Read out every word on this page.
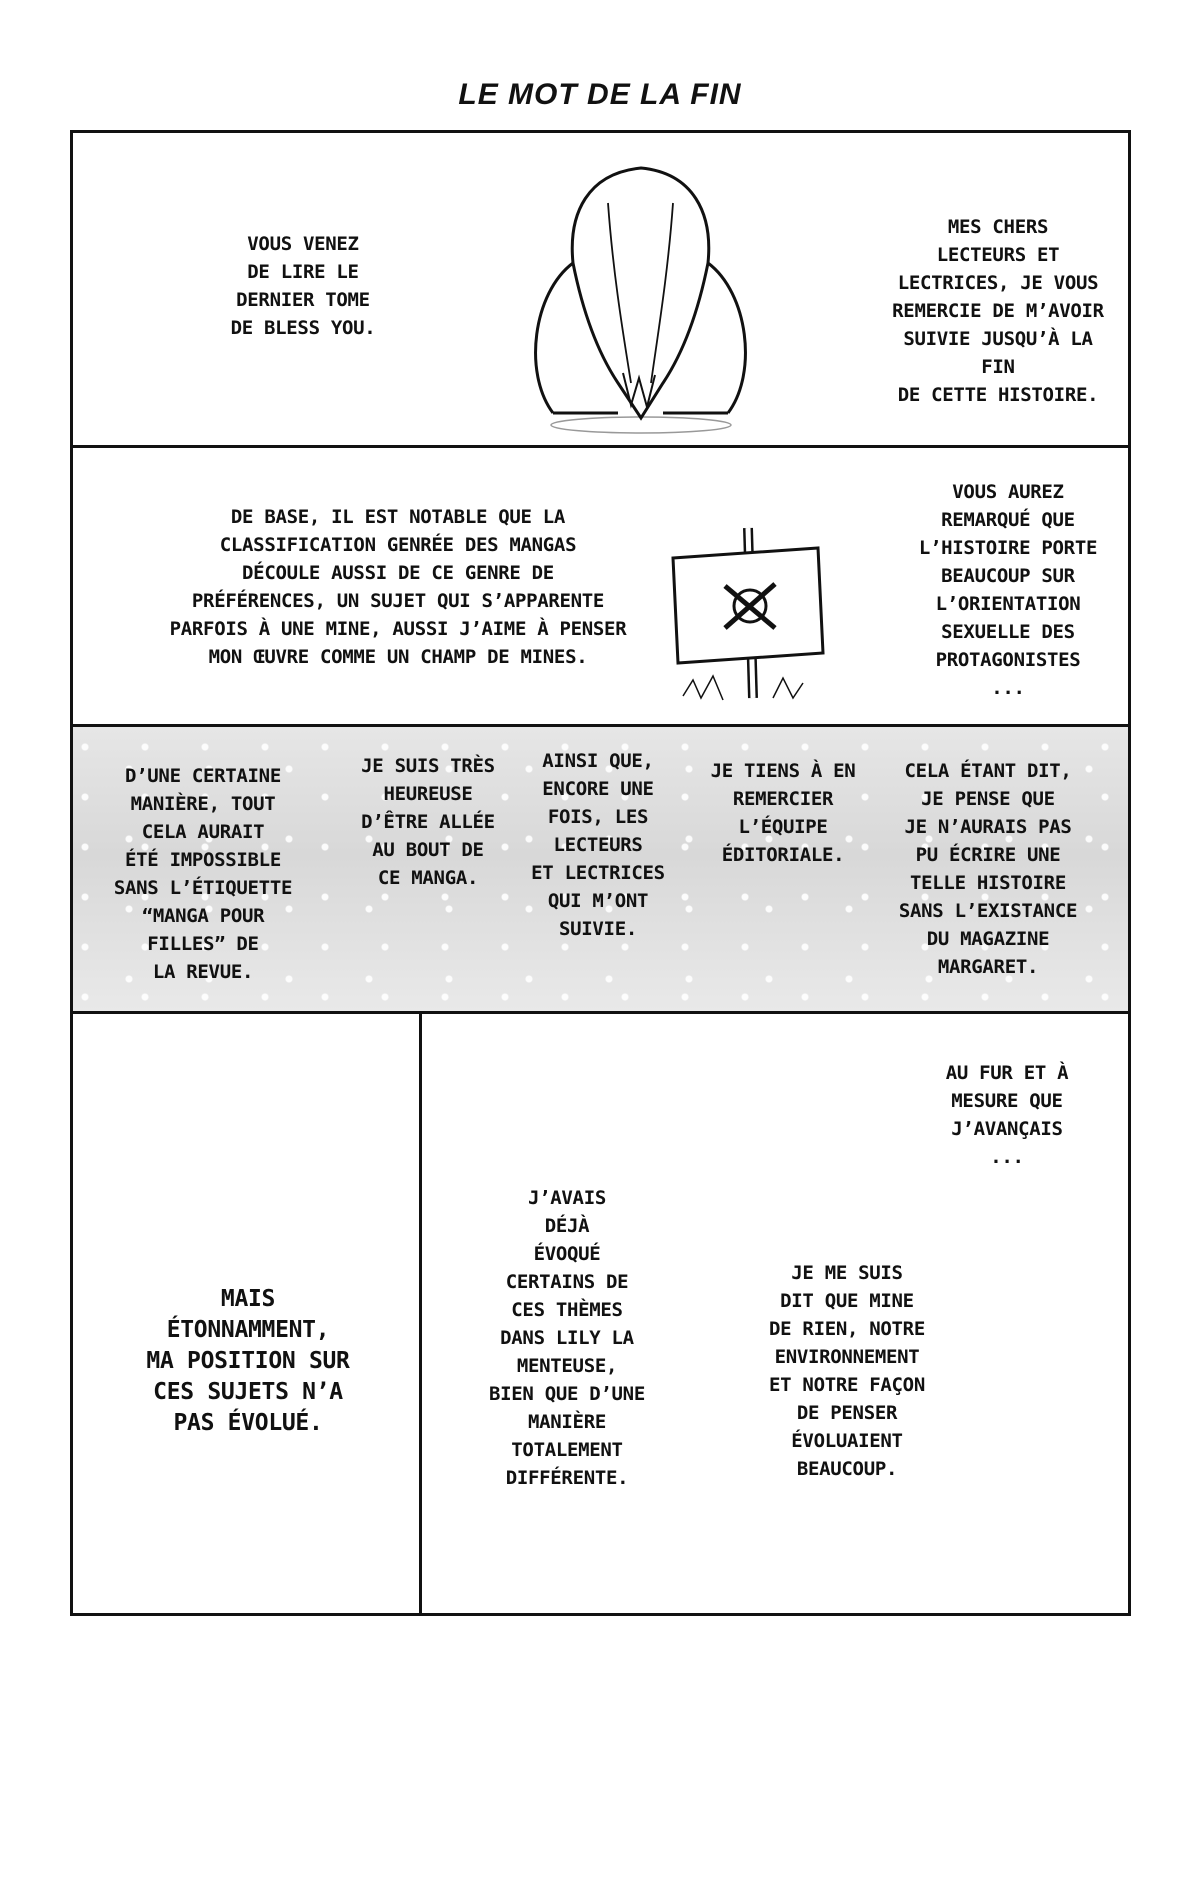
LE MOT DE LA FIN
VOUS VENEZ
DE LIRE LE
DERNIER TOME
DE BLESS YOU.
MES CHERS
LECTEURS ET
LECTRICES, JE VOUS
REMERCIE DE M’AVOIR
SUIVIE JUSQU’À LA FIN
DE CETTE HISTOIRE.
DE BASE, IL EST NOTABLE QUE LA
CLASSIFICATION GENRÉE DES MANGAS
DÉCOULE AUSSI DE CE GENRE DE
PRÉFÉRENCES, UN SUJET QUI S’APPARENTE
PARFOIS À UNE MINE, AUSSI J’AIME À PENSER
MON ŒUVRE COMME UN CHAMP DE MINES.
VOUS AUREZ
REMARQUÉ QUE
L’HISTOIRE PORTE
BEAUCOUP SUR
L’ORIENTATION
SEXUELLE DES
PROTAGONISTES
...
D’UNE CERTAINE
MANIÈRE, TOUT
CELA AURAIT
ÉTÉ IMPOSSIBLE
SANS L’ÉTIQUETTE
“MANGA POUR
FILLES” DE
LA REVUE.
JE SUIS TRÈS
HEUREUSE
D’ÊTRE ALLÉE
AU BOUT DE
CE MANGA.
AINSI QUE,
ENCORE UNE
FOIS, LES
LECTEURS
ET LECTRICES
QUI M’ONT
SUIVIE.
JE TIENS À EN
REMERCIER
L’ÉQUIPE
ÉDITORIALE.
CELA ÉTANT DIT,
JE PENSE QUE
JE N’AURAIS PAS
PU ÉCRIRE UNE
TELLE HISTOIRE
SANS L’EXISTANCE
DU MAGAZINE
MARGARET.
MAIS
ÉTONNAMMENT,
MA POSITION SUR
CES SUJETS N’A
PAS ÉVOLUÉ.
AU FUR ET À
MESURE QUE
J’AVANÇAIS
...
J’AVAIS
DÉJÀ
ÉVOQUÉ
CERTAINS DE
CES THÈMES
DANS LILY LA
MENTEUSE,
BIEN QUE D’UNE
MANIÈRE
TOTALEMENT
DIFFÉRENTE.
JE ME SUIS
DIT QUE MINE
DE RIEN, NOTRE
ENVIRONNEMENT
ET NOTRE FAÇON
DE PENSER
ÉVOLUAIENT
BEAUCOUP.
